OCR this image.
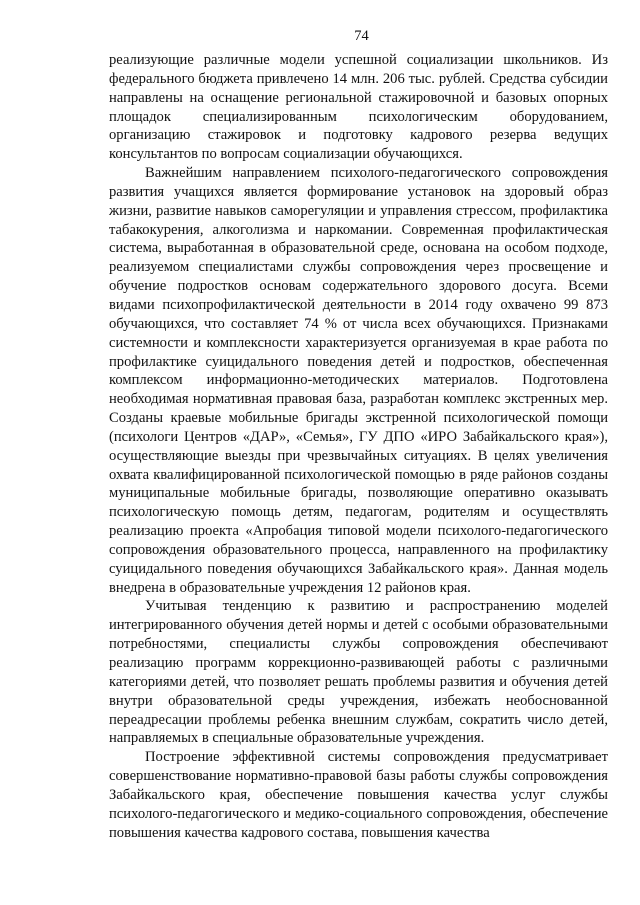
74

реализующие различные модели успешной социализации школьников. Из федерального бюджета привлечено 14 млн. 206 тыс. рублей. Средства субсидии направлены на оснащение региональной стажировочной и базовых опорных площадок специализированным психологическим оборудованием, организацию стажировок и подготовку кадрового резерва ведущих консультантов по вопросам социализации обучающихся.

Важнейшим направлением психолого-педагогического сопровождения развития учащихся является формирование установок на здоровый образ жизни, развитие навыков саморегуляции и управления стрессом, профилактика табакокурения, алкоголизма и наркомании. Современная профилактическая система, выработанная в образовательной среде, основана на особом подходе, реализуемом специалистами службы сопровождения через просвещение и обучение подростков основам содержательного здорового досуга. Всеми видами психопрофилактической деятельности в 2014 году охвачено 99 873 обучающихся, что составляет 74 % от числа всех обучающихся. Признаками системности и комплексности характеризуется организуемая в крае работа по профилактике суицидального поведения детей и подростков, обеспеченная комплексом информационно-методических материалов. Подготовлена необходимая нормативная правовая база, разработан комплекс экстренных мер. Созданы краевые мобильные бригады экстренной психологической помощи (психологи Центров «ДАР», «Семья», ГУ ДПО «ИРО Забайкальского края»), осуществляющие выезды при чрезвычайных ситуациях. В целях увеличения охвата квалифицированной психологической помощью в ряде районов созданы муниципальные мобильные бригады, позволяющие оперативно оказывать психологическую помощь детям, педагогам, родителям и осуществлять реализацию проекта «Апробация типовой модели психолого-педагогического сопровождения образовательного процесса, направленного на профилактику суицидального поведения обучающихся Забайкальского края». Данная модель внедрена в образовательные учреждения 12 районов края.

Учитывая тенденцию к развитию и распространению моделей интегрированного обучения детей нормы и детей с особыми образовательными потребностями, специалисты службы сопровождения обеспечивают реализацию программ коррекционно-развивающей работы с различными категориями детей, что позволяет решать проблемы развития и обучения детей внутри образовательной среды учреждения, избежать необоснованной переадресации проблемы ребенка внешним службам, сократить число детей, направляемых в специальные образовательные учреждения.

Построение эффективной системы сопровождения предусматривает совершенствование нормативно-правовой базы работы службы сопровождения Забайкальского края, обеспечение повышения качества услуг службы психолого-педагогического и медико-социального сопровождения, обеспечение повышения качества кадрового состава, повышения качества
